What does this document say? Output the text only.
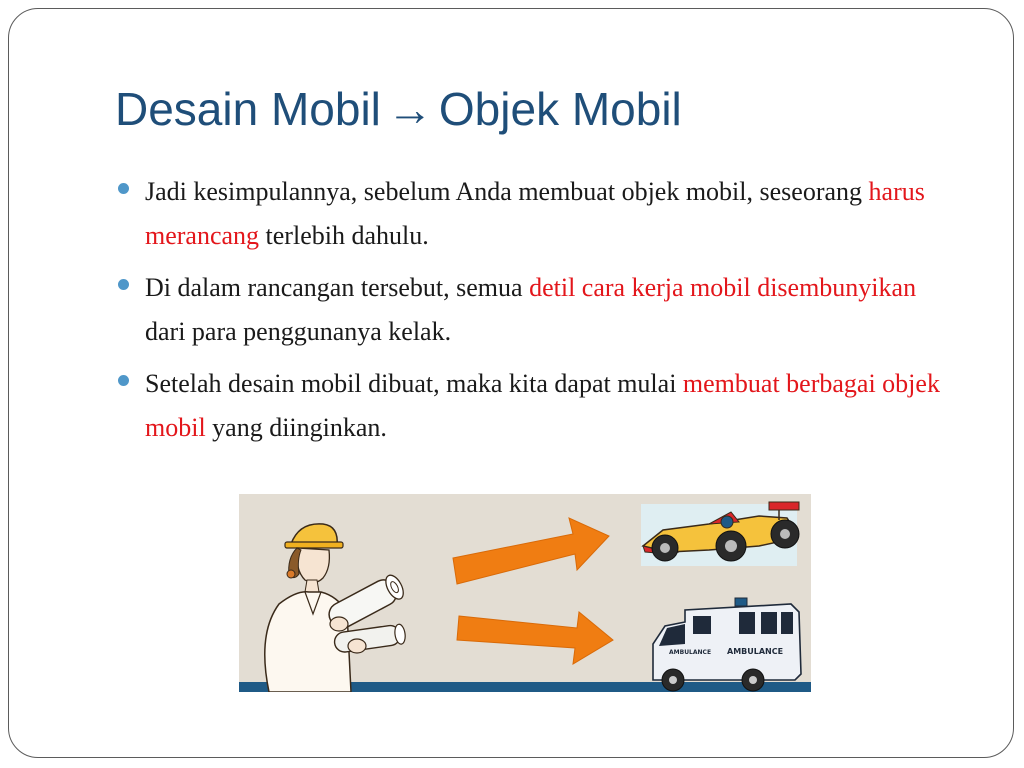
Desain Mobil → Objek Mobil
Jadi kesimpulannya, sebelum Anda membuat objek mobil, seseorang harus merancang terlebih dahulu.
Di dalam rancangan tersebut, semua detil cara kerja mobil disembunyikan dari para penggunanya kelak.
Setelah desain mobil dibuat, maka kita dapat mulai membuat berbagai objek mobil yang diinginkan.
AMBULANCE AMBULANCE
